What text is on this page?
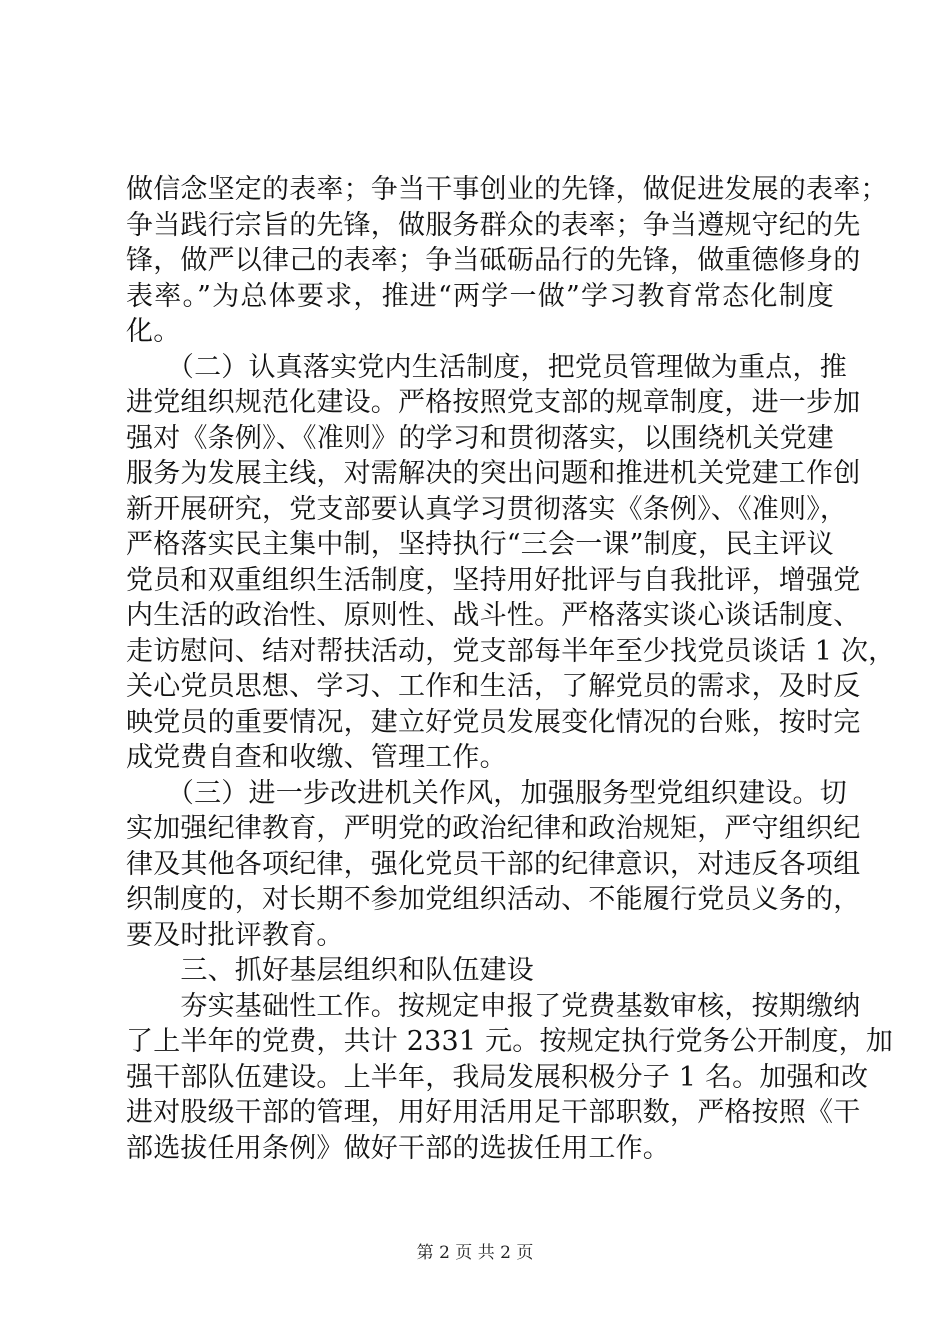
做信念坚定的表率；争当干事创业的先锋，做促进发展的表率；
争当践行宗旨的先锋，做服务群众的表率；争当遵规守纪的先
锋，做严以律己的表率；争当砥砺品行的先锋，做重德修身的
表率。”为总体要求，推进“两学一做”学习教育常态化制度
化。
　　（二）认真落实党内生活制度，把党员管理做为重点，推
进党组织规范化建设。严格按照党支部的规章制度，进一步加
强对《条例》、《准则》的学习和贯彻落实，以围绕机关党建
服务为发展主线，对需解决的突出问题和推进机关党建工作创
新开展研究，党支部要认真学习贯彻落实《条例》、《准则》，
严格落实民主集中制，坚持执行“三会一课”制度，民主评议
党员和双重组织生活制度，坚持用好批评与自我批评，增强党
内生活的政治性、原则性、战斗性。严格落实谈心谈话制度、
走访慰问、结对帮扶活动，党支部每半年至少找党员谈话 1 次，
关心党员思想、学习、工作和生活，了解党员的需求，及时反
映党员的重要情况，建立好党员发展变化情况的台账，按时完
成党费自查和收缴、管理工作。
　　（三）进一步改进机关作风，加强服务型党组织建设。切
实加强纪律教育，严明党的政治纪律和政治规矩，严守组织纪
律及其他各项纪律，强化党员干部的纪律意识，对违反各项组
织制度的，对长期不参加党组织活动、不能履行党员义务的，
要及时批评教育。
　　三、抓好基层组织和队伍建设
　　夯实基础性工作。按规定申报了党费基数审核，按期缴纳
了上半年的党费，共计 2331 元。按规定执行党务公开制度，加
强干部队伍建设。上半年，我局发展积极分子 1 名。加强和改
进对股级干部的管理，用好用活用足干部职数，严格按照《干
部选拔任用条例》做好干部的选拔任用工作。
第 2 页 共 2 页
